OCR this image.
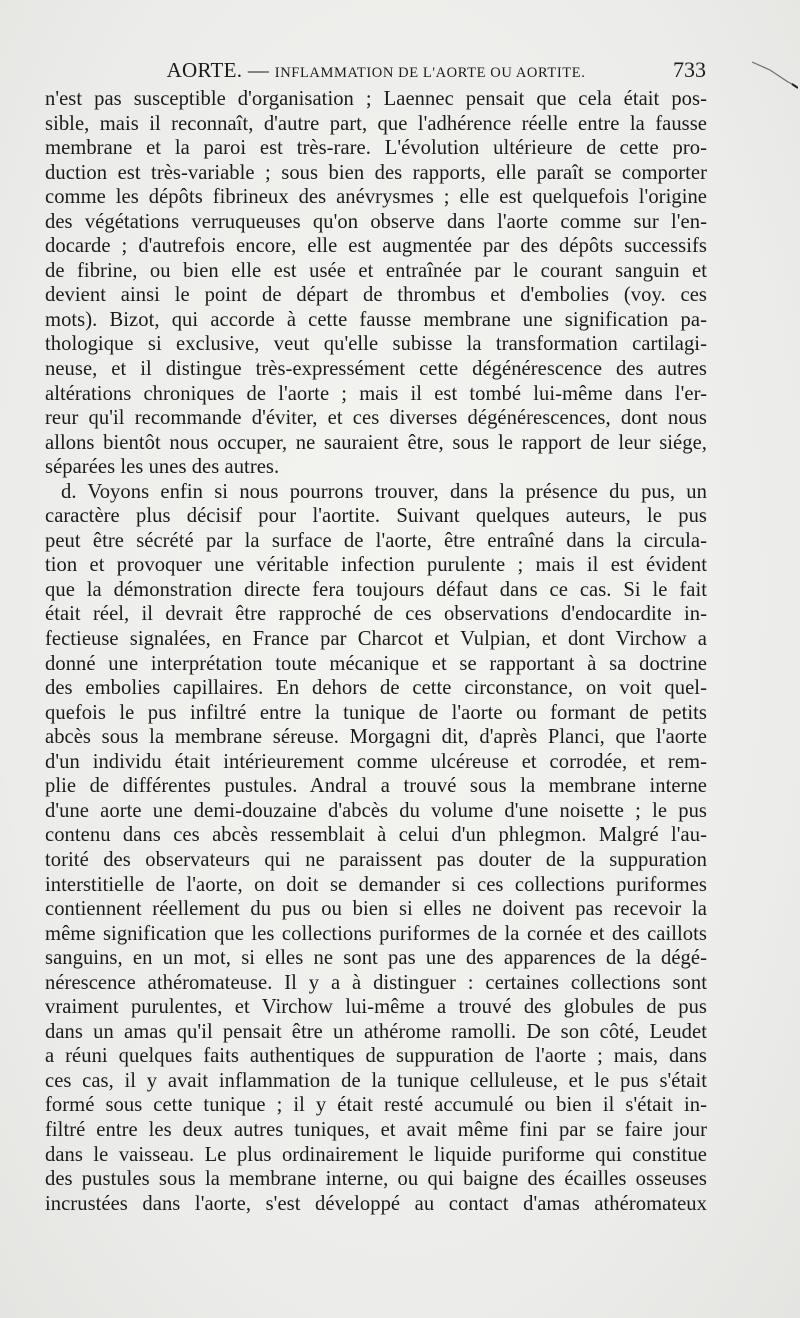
AORTE. — INFLAMMATION DE L'AORTE OU AORTITE.	733
n'est pas susceptible d'organisation ; Laennec pensait que cela était pos-
sible, mais il reconnaît, d'autre part, que l'adhérence réelle entre la fausse
membrane et la paroi est très-rare. L'évolution ultérieure de cette pro-
duction est très-variable ; sous bien des rapports, elle paraît se comporter
comme les dépôts fibrineux des anévrysmes ; elle est quelquefois l'origine
des végétations verruqueuses qu'on observe dans l'aorte comme sur l'en-
docarde ; d'autrefois encore, elle est augmentée par des dépôts successifs
de fibrine, ou bien elle est usée et entraînée par le courant sanguin et
devient ainsi le point de départ de thrombus et d'embolies (voy. ces
mots). Bizot, qui accorde à cette fausse membrane une signification pa-
thologique si exclusive, veut qu'elle subisse la transformation cartilagi-
neuse, et il distingue très-expressément cette dégénérescence des autres
altérations chroniques de l'aorte ; mais il est tombé lui-même dans l'er-
reur qu'il recommande d'éviter, et ces diverses dégénérescences, dont nous
allons bientôt nous occuper, ne sauraient être, sous le rapport de leur siége,
séparées les unes des autres.
d. Voyons enfin si nous pourrons trouver, dans la présence du pus, un
caractère plus décisif pour l'aortite. Suivant quelques auteurs, le pus
peut être sécrété par la surface de l'aorte, être entraîné dans la circula-
tion et provoquer une véritable infection purulente ; mais il est évident
que la démonstration directe fera toujours défaut dans ce cas. Si le fait
était réel, il devrait être rapproché de ces observations d'endocardite in-
fectieuse signalées, en France par Charcot et Vulpian, et dont Virchow a
donné une interprétation toute mécanique et se rapportant à sa doctrine
des embolies capillaires. En dehors de cette circonstance, on voit quel-
quefois le pus infiltré entre la tunique de l'aorte ou formant de petits
abcès sous la membrane séreuse. Morgagni dit, d'après Planci, que l'aorte
d'un individu était intérieurement comme ulcéreuse et corrodée, et rem-
plie de différentes pustules. Andral a trouvé sous la membrane interne
d'une aorte une demi-douzaine d'abcès du volume d'une noisette ; le pus
contenu dans ces abcès ressemblait à celui d'un phlegmon. Malgré l'au-
torité des observateurs qui ne paraissent pas douter de la suppuration
interstitielle de l'aorte, on doit se demander si ces collections puriformes
contiennent réellement du pus ou bien si elles ne doivent pas recevoir la
même signification que les collections puriformes de la cornée et des caillots
sanguins, en un mot, si elles ne sont pas une des apparences de la dégé-
nérescence athéromateuse. Il y a à distinguer : certaines collections sont
vraiment purulentes, et Virchow lui-même a trouvé des globules de pus
dans un amas qu'il pensait être un athérome ramolli. De son côté, Leudet
a réuni quelques faits authentiques de suppuration de l'aorte ; mais, dans
ces cas, il y avait inflammation de la tunique celluleuse, et le pus s'était
formé sous cette tunique ; il y était resté accumulé ou bien il s'était in-
filtré entre les deux autres tuniques, et avait même fini par se faire jour
dans le vaisseau. Le plus ordinairement le liquide puriforme qui constitue
des pustules sous la membrane interne, ou qui baigne des écailles osseuses
incrustées dans l'aorte, s'est développé au contact d'amas athéromateux
